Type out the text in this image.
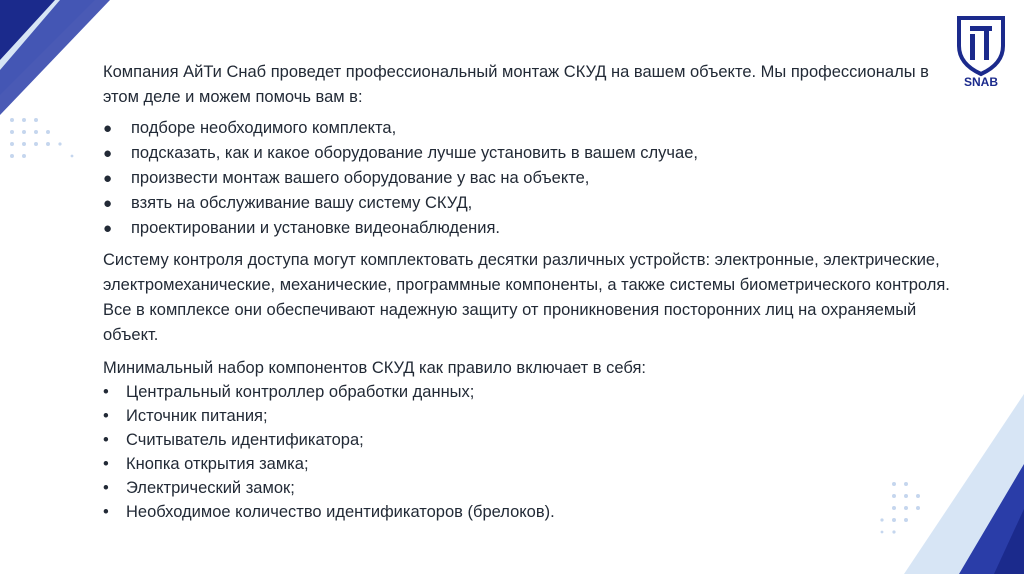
SNAB

Компания АйТи Снаб проведет профессиональный монтаж СКУД на вашем объекте. Мы профессионалы в этом деле и можем помочь вам в:

● подборе необходимого комплекта,
● подсказать, как и какое оборудование лучше установить в вашем случае,
● произвести монтаж вашего оборудование у вас на объекте,
● взять на обслуживание вашу систему СКУД,
● проектировании и установке видеонаблюдения.

Систему контроля доступа могут комплектовать десятки различных устройств: электронные, электрические, электромеханические, механические, программные компоненты, а также системы биометрического контроля. Все в комплексе они обеспечивают надежную защиту от проникновения посторонних лиц на охраняемый объект.

Минимальный набор компонентов СКУД как правило включает в себя:

• Центральный контроллер обработки данных;
• Источник питания;
• Считыватель идентификатора;
• Кнопка открытия замка;
• Электрический замок;
• Необходимое количество идентификаторов (брелоков).
